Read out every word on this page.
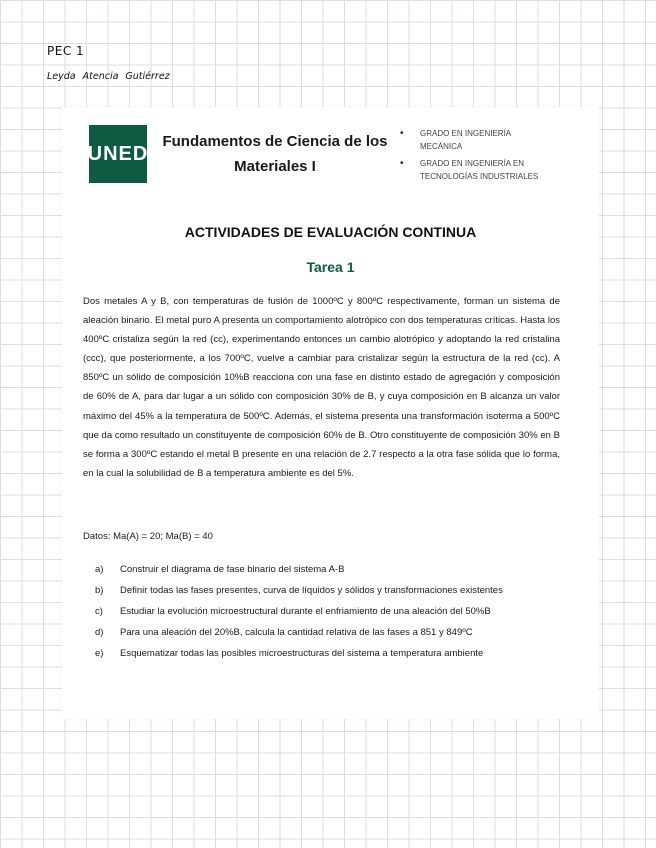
PEC 1
Leyda Atencia Gutiérrez
UNED
Fundamentos de Ciencia de los
Materiales I
• GRADO EN INGENIERÍA
MECÁNICA
• GRADO EN INGENIERÍA EN
TECNOLOGÍAS INDUSTRIALES
ACTIVIDADES DE EVALUACIÓN CONTINUA
Tarea 1

Dos metales A y B, con temperaturas de fusión de 1000ºC y 800ºC respectivamente, forman un sistema de aleación binario. El metal puro A presenta un comportamiento alotrópico con dos temperaturas críticas. Hasta los 400ºC cristaliza según la red (cc), experimentando entonces un cambio alotrópico y adoptando la red cristalina (ccc), que posteriormente, a los 700ºC, vuelve a cambiar para cristalizar según la estructura de la red (cc). A 850ºC un sólido de composición 10%B reacciona con una fase en distinto estado de agregación y composición de 60% de A, para dar lugar a un sólido con composición 30% de B, y cuya composición en B alcanza un valor máximo del 45% a la temperatura de 500ºC. Además, el sistema presenta una transformación isoterma a 500ºC que da como resultado un constituyente de composición 60% de B. Otro constituyente de composición 30% en B se forma a 300ºC estando el metal B presente en una relación de 2.7 respecto a la otra fase sólida que lo forma, en la cual la solubilidad de B a temperatura ambiente es del 5%.

Datos: Ma(A) = 20; Ma(B) = 40
a) Construir el diagrama de fase binario del sistema A-B
b) Definir todas las fases presentes, curva de líquidos y sólidos y transformaciones existentes
c) Estudiar la evolución microestructural durante el enfriamiento de una aleación del 50%B
d) Para una aleación del 20%B, calcula la cantidad relativa de las fases a 851 y 849ºC
e) Esquematizar todas las posibles microestructuras del sistema a temperatura ambiente
